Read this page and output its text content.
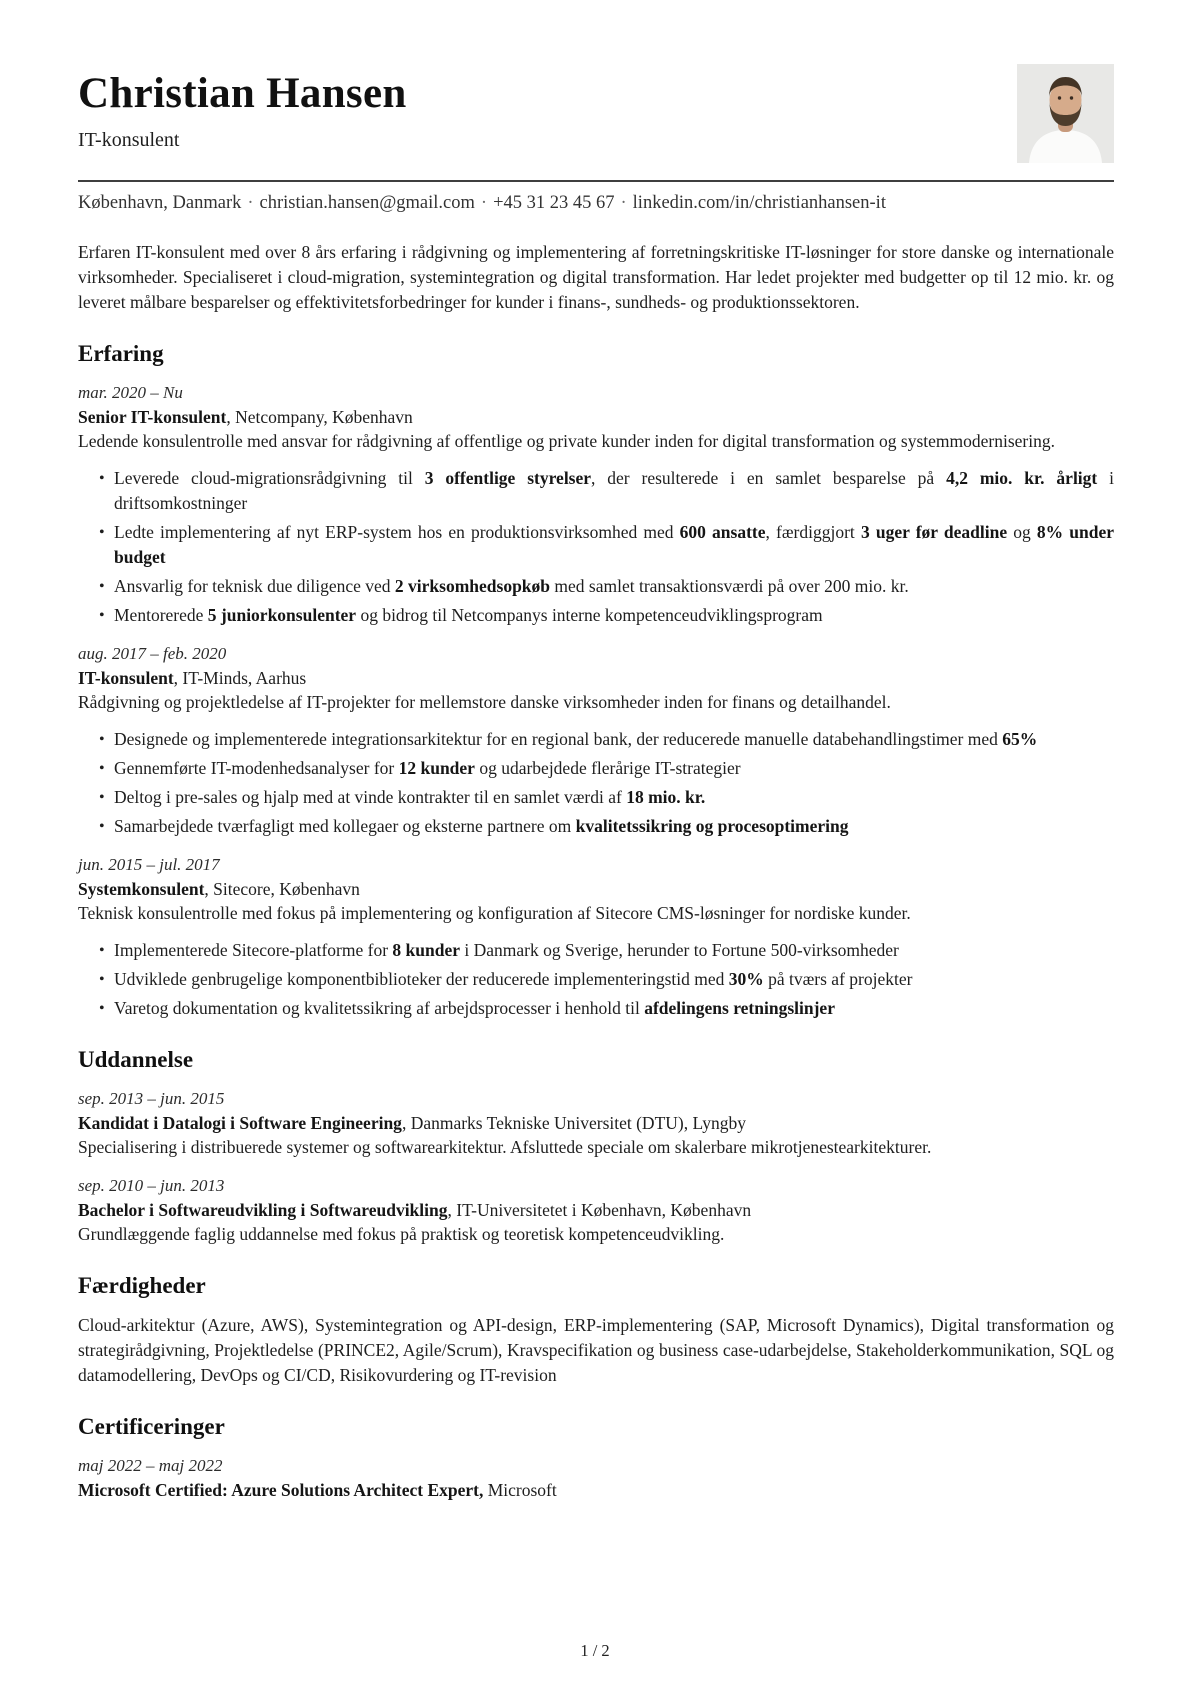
Christian Hansen
IT-konsulent
København, Danmark · christian.hansen@gmail.com · +45 31 23 45 67 · linkedin.com/in/christianhansen-it

Erfaren IT-konsulent med over 8 års erfaring i rådgivning og implementering af forretningskritiske IT-løsninger for store danske og internationale virksomheder. Specialiseret i cloud-migration, systemintegration og digital transformation. Har ledet projekter med budgetter op til 12 mio. kr. og leveret målbare besparelser og effektivitetsforbedringer for kunder i finans-, sundheds- og produktionssektoren.

Erfaring
mar. 2020 – Nu
Senior IT-konsulent, Netcompany, København

Ledende konsulentrolle med ansvar for rådgivning af offentlige og private kunder inden for digital transformation og systemmodernisering.

• Leverede cloud-migrationsrådgivning til 3 offentlige styrelser, der resulterede i en samlet besparelse på 4,2 mio. kr. årligt i driftsomkostninger
• Ledte implementering af nyt ERP-system hos en produktionsvirksomhed med 600 ansatte, færdiggjort 3 uger før deadline og 8% under budget
• Ansvarlig for teknisk due diligence ved 2 virksomhedsopkøb med samlet transaktionsværdi på over 200 mio. kr.
• Mentorerede 5 juniorkonsulenter og bidrog til Netcompanys interne kompetenceudviklingsprogram
aug. 2017 – feb. 2020
IT-konsulent, IT-Minds, Aarhus

Rådgivning og projektledelse af IT-projekter for mellemstore danske virksomheder inden for finans og detailhandel.

• Designede og implementerede integrationsarkitektur for en regional bank, der reducerede manuelle databehandlingstimer med 65%
• Gennemførte IT-modenhedsanalyser for 12 kunder og udarbejdede flerårige IT-strategier
• Deltog i pre-sales og hjalp med at vinde kontrakter til en samlet værdi af 18 mio. kr.
• Samarbejdede tværfagligt med kollegaer og eksterne partnere om kvalitetssikring og procesoptimering
jun. 2015 – jul. 2017
Systemkonsulent, Sitecore, København

Teknisk konsulentrolle med fokus på implementering og konfiguration af Sitecore CMS-løsninger for nordiske kunder.

• Implementerede Sitecore-platforme for 8 kunder i Danmark og Sverige, herunder to Fortune 500-virksomheder
• Udviklede genbrugelige komponentbiblioteker der reducerede implementeringstid med 30% på tværs af projekter
• Varetog dokumentation og kvalitetssikring af arbejdsprocesser i henhold til afdelingens retningslinjer
Uddannelse
sep. 2013 – jun. 2015
Kandidat i Datalogi i Software Engineering, Danmarks Tekniske Universitet (DTU), Lyngby

Specialisering i distribuerede systemer og softwarearkitektur. Afsluttede speciale om skalerbare mikrotjenestearkitekturer.

sep. 2010 – jun. 2013
Bachelor i Softwareudvikling i Softwareudvikling, IT-Universitetet i København, København

Grundlæggende faglig uddannelse med fokus på praktisk og teoretisk kompetenceudvikling.

Færdigheder

Cloud-arkitektur (Azure, AWS), Systemintegration og API-design, ERP-implementering (SAP, Microsoft Dynamics), Digital transformation og strategirådgivning, Projektledelse (PRINCE2, Agile/Scrum), Kravspecifikation og business case-udarbejdelse, Stakeholderkommunikation, SQL og datamodellering, DevOps og CI/CD, Risikovurdering og IT-revision

Certificeringer
maj 2022 – maj 2022
Microsoft Certified: Azure Solutions Architect Expert, Microsoft
1 / 2
